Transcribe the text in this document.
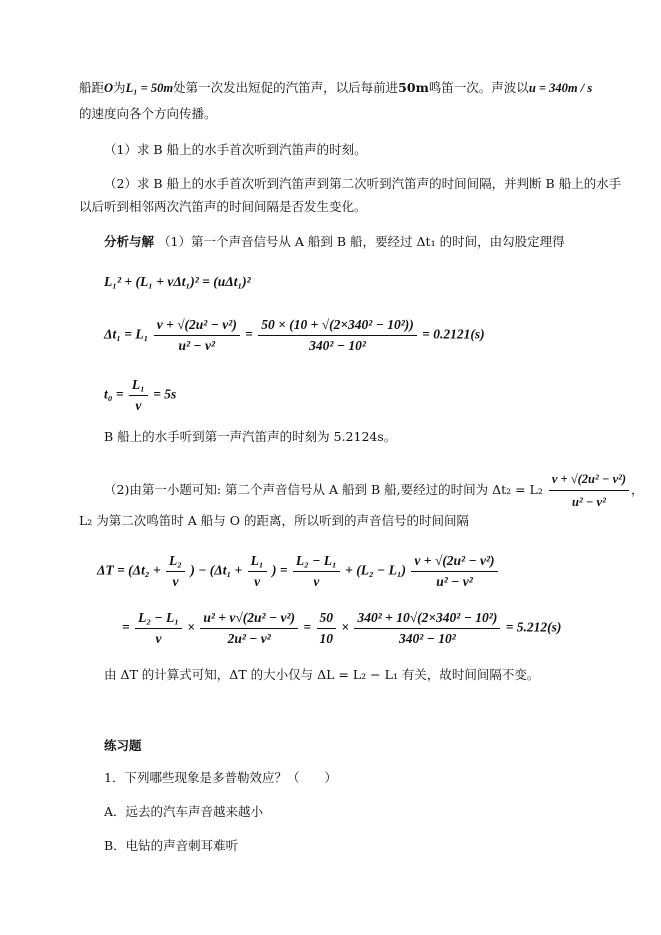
船距O为L₁ = 50m处第一次发出短促的汽笛声，以后每前进50m鸣笛一次。声波以u = 340m / s
的速度向各个方向传播。
（1）求 B 船上的水手首次听到汽笛声的时刻。
（2）求 B 船上的水手首次听到汽笛声到第二次听到汽笛声的时间间隔，并判断 B 船上的水手
以后听到相邻两次汽笛声的时间间隔是否发生变化。
分析与解 （1）第一个声音信号从 A 船到 B 船，要经过 Δt₁ 的时间，由勾股定理得
L₁² + (L₁ + vΔt₁)² = (uΔt₁)²
$\Delta t_1 = L_1 \frac{\text{v + √(2u² − v²)}}{\text{u² − v²}} = \frac{\text{50 × (10 + √(2×340² − 10²))}}{\text{340² − 10²}} = 0.2121(s)$
$t_0 = \frac{\text{L₁}}{v} = 5s$
B 船上的水手听到第一声汽笛声的时刻为 5.2124s。
（2)由第一小题可知: 第二个声音信号从 A 船到 B 船,要经过的时间为 $\Delta t_2 = L_2 \frac{\text{v + √(2u² − v²)}}{\text{u² − v²}}$ ，
L₂ 为第二次鸣笛时 A 船与 O 的距离，所以听到的声音信号的时间间隔
$\Delta T = (\Delta t_2 + \frac{\text{L₂}}{v}$ ) − ($\Delta t_1 + \frac{\text{L₁}}{v}$ ) = $\frac{\text{L₂ − L₁}}{v} + (L_2 - L_1) \frac{\text{v + √(2u² − v²)}}{\text{u² − v²}}$
= $\frac{\text{L₂ − L₁}}{v} \times \frac{\text{u² + v√(2u² − v²)}}{\text{2u² − v²}} = \frac{50}{10} \times \frac{\text{340² + 10√(2×340² − 10²)}}{\text{340² − 10²}} = 5.212(s)$
由 ΔT 的计算式可知，ΔT 的大小仅与 ΔL = L₂ − L₁ 有关，故时间间隔不变。
练习题
1．下列哪些现象是多普勒效应？（　　）
A．远去的汽车声音越来越小
B．电钻的声音刺耳难听
